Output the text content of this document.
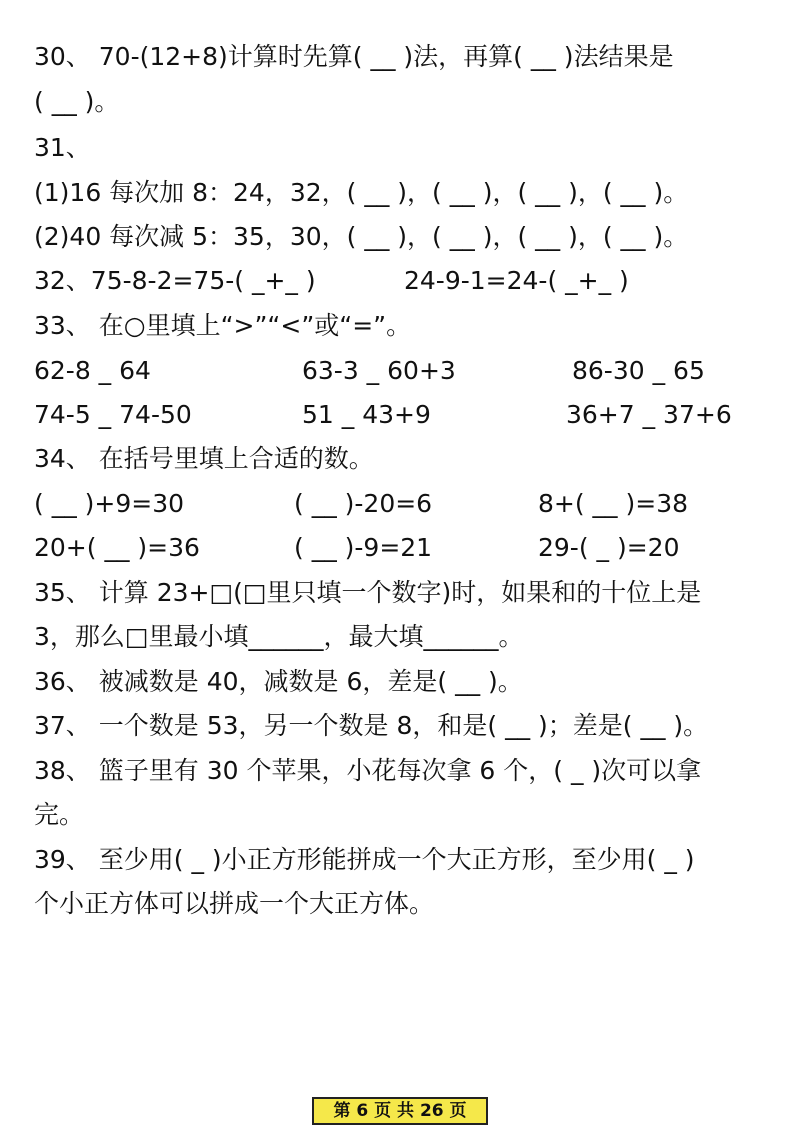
30、 70-(12+8)计算时先算( __ )法，再算( __ )法结果是
( __ )。
31、
(1)16 每次加 8：24，32，( __ )，( __ )，( __ )，( __ )。
(2)40 每次减 5：35，30，( __ )，( __ )，( __ )，( __ )。
32、75-8-2=75-( _+_ )	24-9-1=24-( _+_ )
33、 在○里填上“>”“<”或“=”。
62-8 _ 64	63-3 _ 60+3	86-30 _ 65
74-5 _ 74-50	51 _ 43+9	36+7 _ 37+6
34、 在括号里填上合适的数。
( __ )+9=30	( __ )-20=6	8+( __ )=38
20+( __ )=36	( __ )-9=21	29-( _ )=20
35、 计算 23+□(□里只填一个数字)时，如果和的十位上是
3，那么□里最小填______，最大填______。
36、 被减数是 40，减数是 6，差是( __ )。
37、 一个数是 53，另一个数是 8，和是( __ )；差是( __ )。
38、 篮子里有 30 个苹果，小花每次拿 6 个，( _ )次可以拿
完。
39、 至少用( _ )小正方形能拼成一个大正方形，至少用( _ )
个小正方体可以拼成一个大正方体。
第 6 页 共 26 页
